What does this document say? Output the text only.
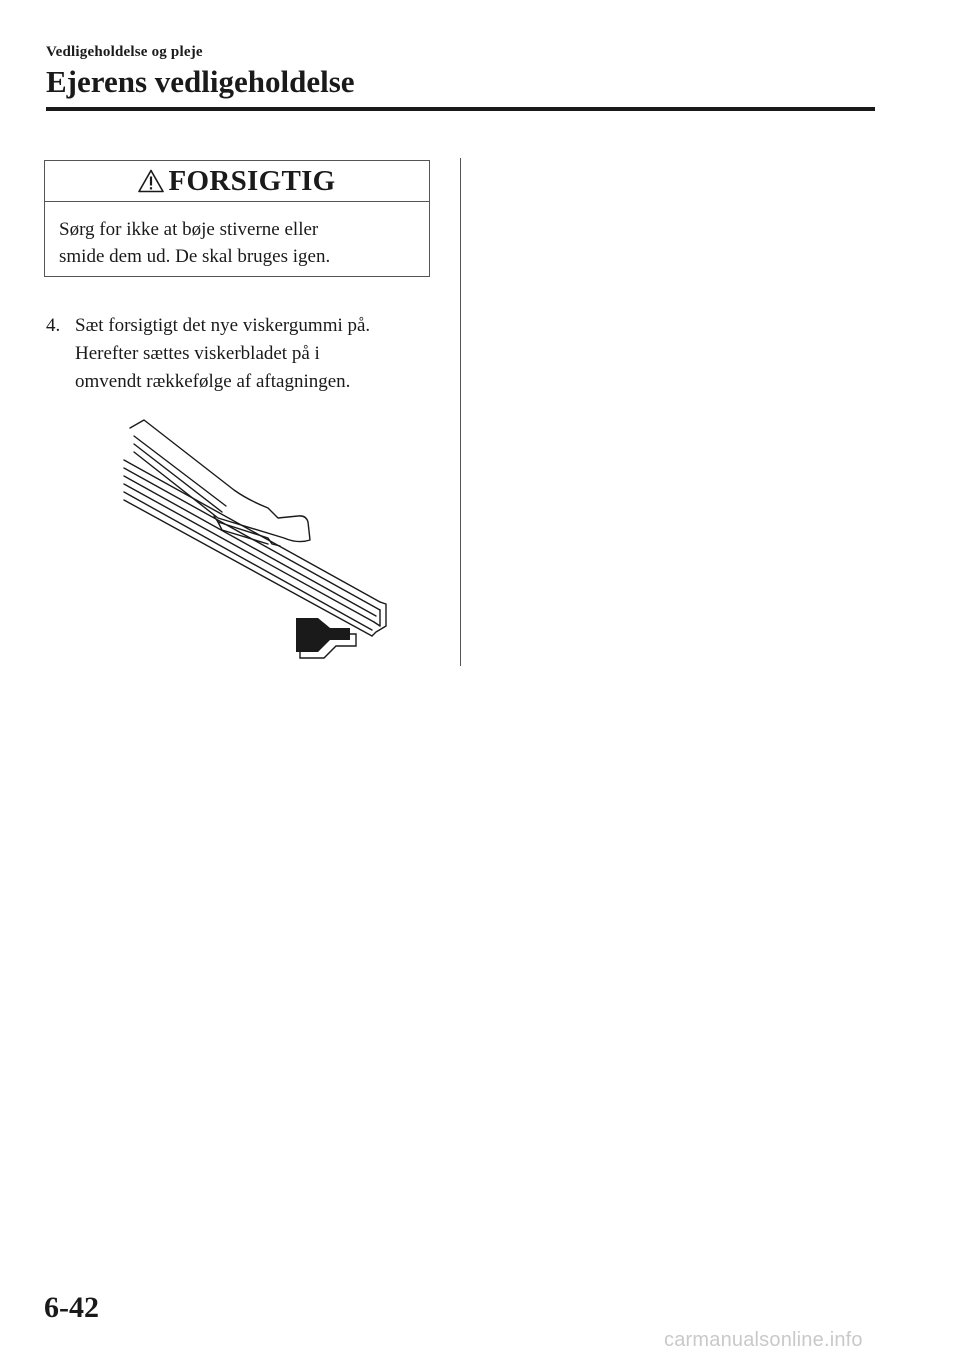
Vedligeholdelse og pleje
Ejerens vedligeholdelse
FORSIGTIG
Sørg for ikke at bøje stiverne eller
smide dem ud. De skal bruges igen.
4. Sæt forsigtigt det nye viskergummi på.
Herefter sættes viskerbladet på i
omvendt rækkefølge af aftagningen.
6-42
carmanualsonline.info
